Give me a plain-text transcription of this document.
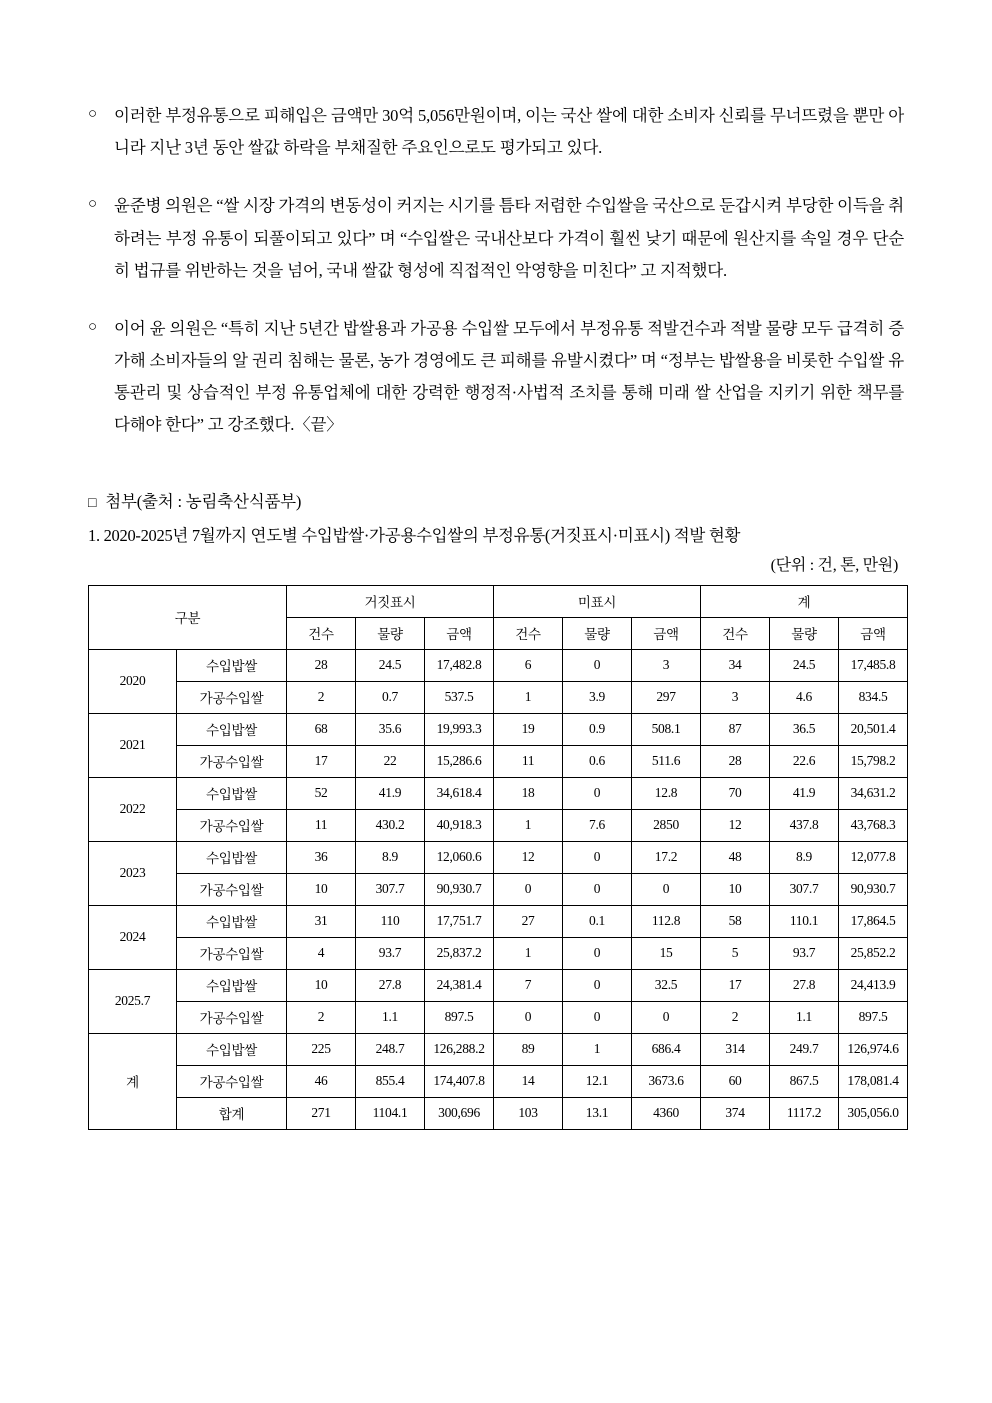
○	이러한 부정유통으로 피해입은 금액만 30억 5,056만원이며, 이는 국산 쌀에 대한 소비자 신뢰를 무너뜨렸을 뿐만 아니라 지난 3년 동안 쌀값 하락을 부채질한 주요인으로도 평가되고 있다.
○	윤준병 의원은 “쌀 시장 가격의 변동성이 커지는 시기를 틈타 저렴한 수입쌀을 국산으로 둔갑시켜 부당한 이득을 취하려는 부정 유통이 되풀이되고 있다” 며 “수입쌀은 국내산보다 가격이 훨씬 낮기 때문에 원산지를 속일 경우 단순히 법규를 위반하는 것을 넘어, 국내 쌀값 형성에 직접적인 악영향을 미친다” 고 지적했다.
○	이어 윤 의원은 “특히 지난 5년간 밥쌀용과 가공용 수입쌀 모두에서 부정유통 적발건수과 적발 물량 모두 급격히 증가해 소비자들의 알 권리 침해는 물론, 농가 경영에도 큰 피해를 유발시켰다” 며 “정부는 밥쌀용을 비롯한 수입쌀 유통관리 및 상습적인 부정 유통업체에 대한 강력한 행정적·사법적 조치를 통해 미래 쌀 산업을 지키기 위한 책무를 다해야 한다” 고 강조했다.〈끝〉
□ 첨부(출처 : 농림축산식품부)
1. 2020-2025년 7월까지 연도별 수입밥쌀·가공용수입쌀의 부정유통(거짓표시·미표시) 적발 현황
(단위 : 건, 톤, 만원)
구분		거짓표시			미표시			계		
		건수	물량	금액	건수	물량	금액	건수	물량	금액
2020	수입밥쌀	28	24.5	17,482.8	6	0	3	34	24.5	17,485.8
	가공수입쌀	2	0.7	537.5	1	3.9	297	3	4.6	834.5
2021	수입밥쌀	68	35.6	19,993.3	19	0.9	508.1	87	36.5	20,501.4
	가공수입쌀	17	22	15,286.6	11	0.6	511.6	28	22.6	15,798.2
2022	수입밥쌀	52	41.9	34,618.4	18	0	12.8	70	41.9	34,631.2
	가공수입쌀	11	430.2	40,918.3	1	7.6	2850	12	437.8	43,768.3
2023	수입밥쌀	36	8.9	12,060.6	12	0	17.2	48	8.9	12,077.8
	가공수입쌀	10	307.7	90,930.7	0	0	0	10	307.7	90,930.7
2024	수입밥쌀	31	110	17,751.7	27	0.1	112.8	58	110.1	17,864.5
	가공수입쌀	4	93.7	25,837.2	1	0	15	5	93.7	25,852.2
2025.7	수입밥쌀	10	27.8	24,381.4	7	0	32.5	17	27.8	24,413.9
	가공수입쌀	2	1.1	897.5	0	0	0	2	1.1	897.5
계	수입밥쌀	225	248.7	126,288.2	89	1	686.4	314	249.7	126,974.6
	가공수입쌀	46	855.4	174,407.8	14	12.1	3673.6	60	867.5	178,081.4
	합계	271	1104.1	300,696	103	13.1	4360	374	1117.2	305,056.0
